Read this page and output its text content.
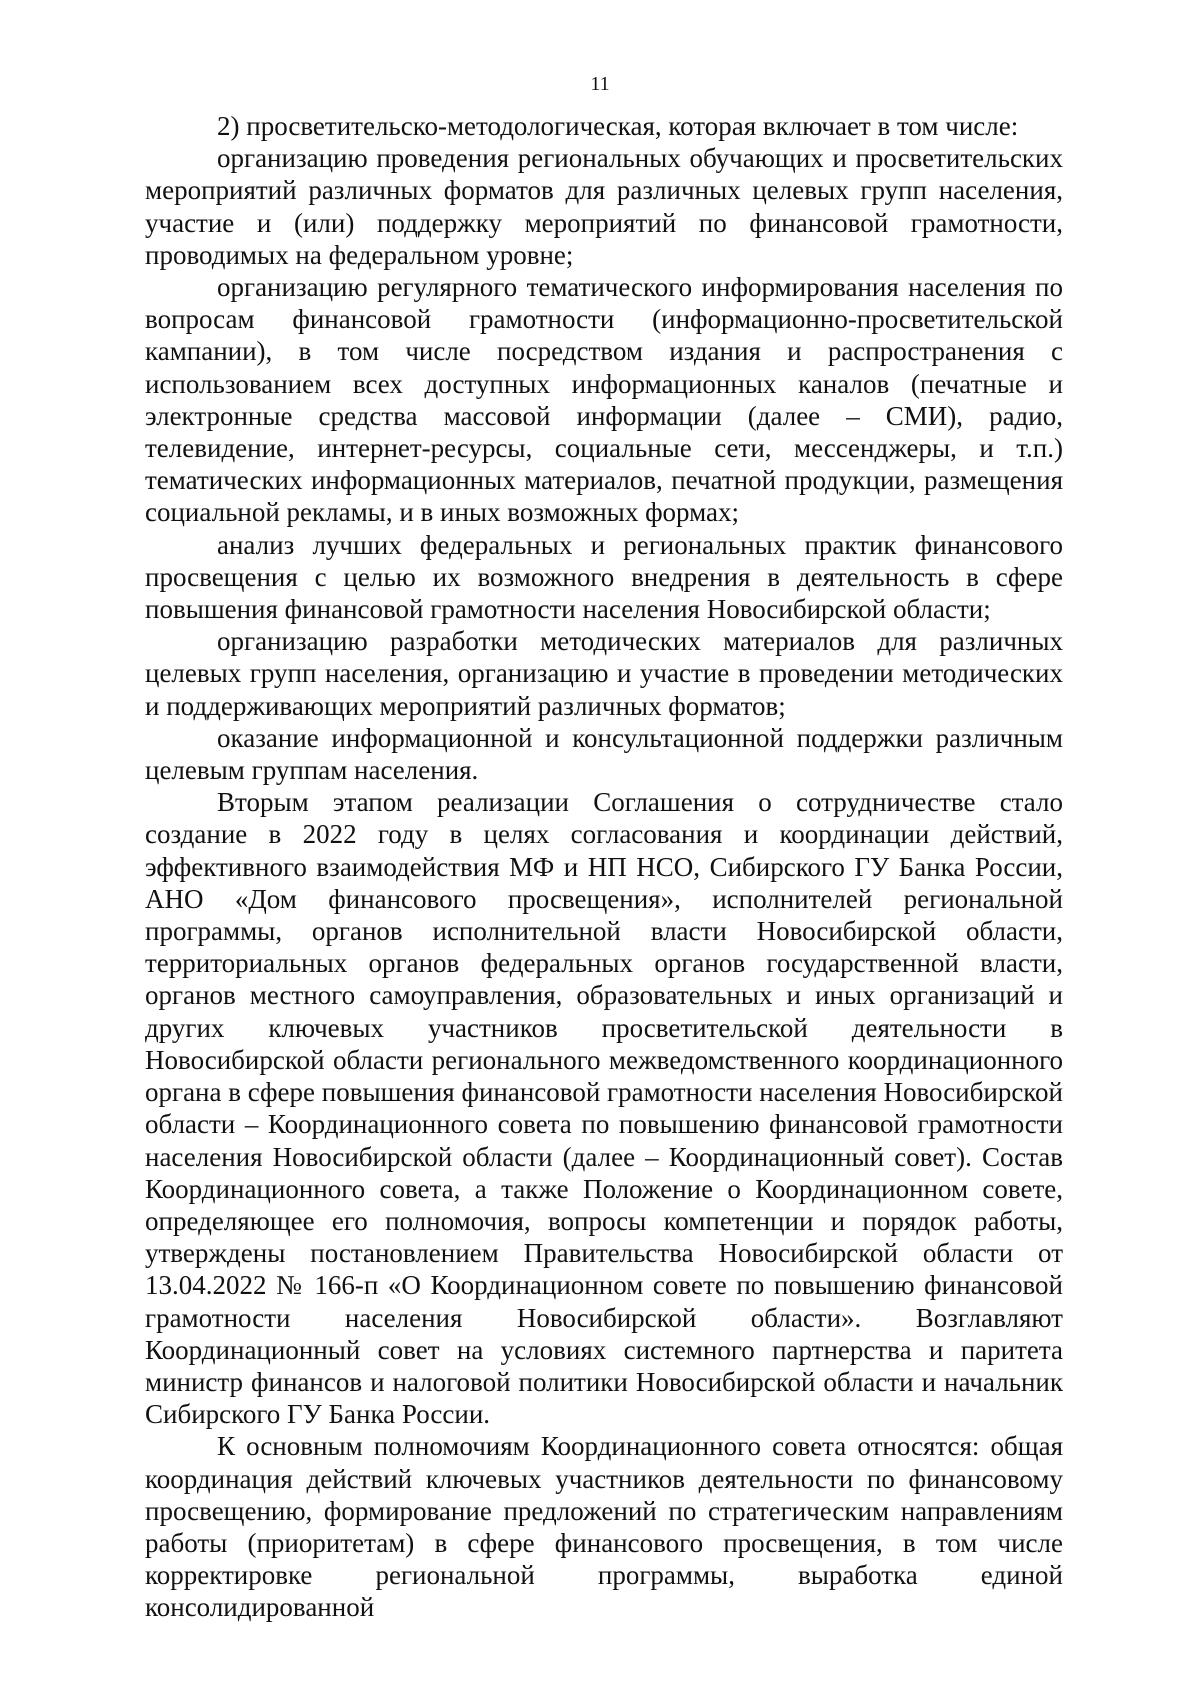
11

2) просветительско-методологическая, которая включает в том числе:

организацию проведения региональных обучающих и просветительских мероприятий различных форматов для различных целевых групп населения, участие и (или) поддержку мероприятий по финансовой грамотности, проводимых на федеральном уровне;

организацию регулярного тематического информирования населения по вопросам финансовой грамотности (информационно-просветительской кампании), в том числе посредством издания и распространения с использованием всех доступных информационных каналов (печатные и электронные средства массовой информации (далее – СМИ), радио, телевидение, интернет-ресурсы, социальные сети, мессенджеры, и т.п.) тематических информационных материалов, печатной продукции, размещения социальной рекламы, и в иных возможных формах;

анализ лучших федеральных и региональных практик финансового просвещения с целью их возможного внедрения в деятельность в сфере повышения финансовой грамотности населения Новосибирской области;

организацию разработки методических материалов для различных целевых групп населения, организацию и участие в проведении методических и поддерживающих мероприятий различных форматов;

оказание информационной и консультационной поддержки различным целевым группам населения.

Вторым этапом реализации Соглашения о сотрудничестве стало создание в 2022 году в целях согласования и координации действий, эффективного взаимодействия МФ и НП НСО, Сибирского ГУ Банка России, АНО «Дом финансового просвещения», исполнителей региональной программы, органов исполнительной власти Новосибирской области, территориальных органов федеральных органов государственной власти, органов местного самоуправления, образовательных и иных организаций и других ключевых участников просветительской деятельности в Новосибирской области регионального межведомственного координационного органа в сфере повышения финансовой грамотности населения Новосибирской области – Координационного совета по повышению финансовой грамотности населения Новосибирской области (далее – Координационный совет). Состав Координационного совета, а также Положение о Координационном совете, определяющее его полномочия, вопросы компетенции и порядок работы, утверждены постановлением Правительства Новосибирской области от 13.04.2022 № 166-п «О Координационном совете по повышению финансовой грамотности населения Новосибирской области». Возглавляют Координационный совет на условиях системного партнерства и паритета министр финансов и налоговой политики Новосибирской области и начальник Сибирского ГУ Банка России.

К основным полномочиям Координационного совета относятся: общая координация действий ключевых участников деятельности по финансовому просвещению, формирование предложений по стратегическим направлениям работы (приоритетам) в сфере финансового просвещения, в том числе корректировке региональной программы, выработка единой консолидированной
